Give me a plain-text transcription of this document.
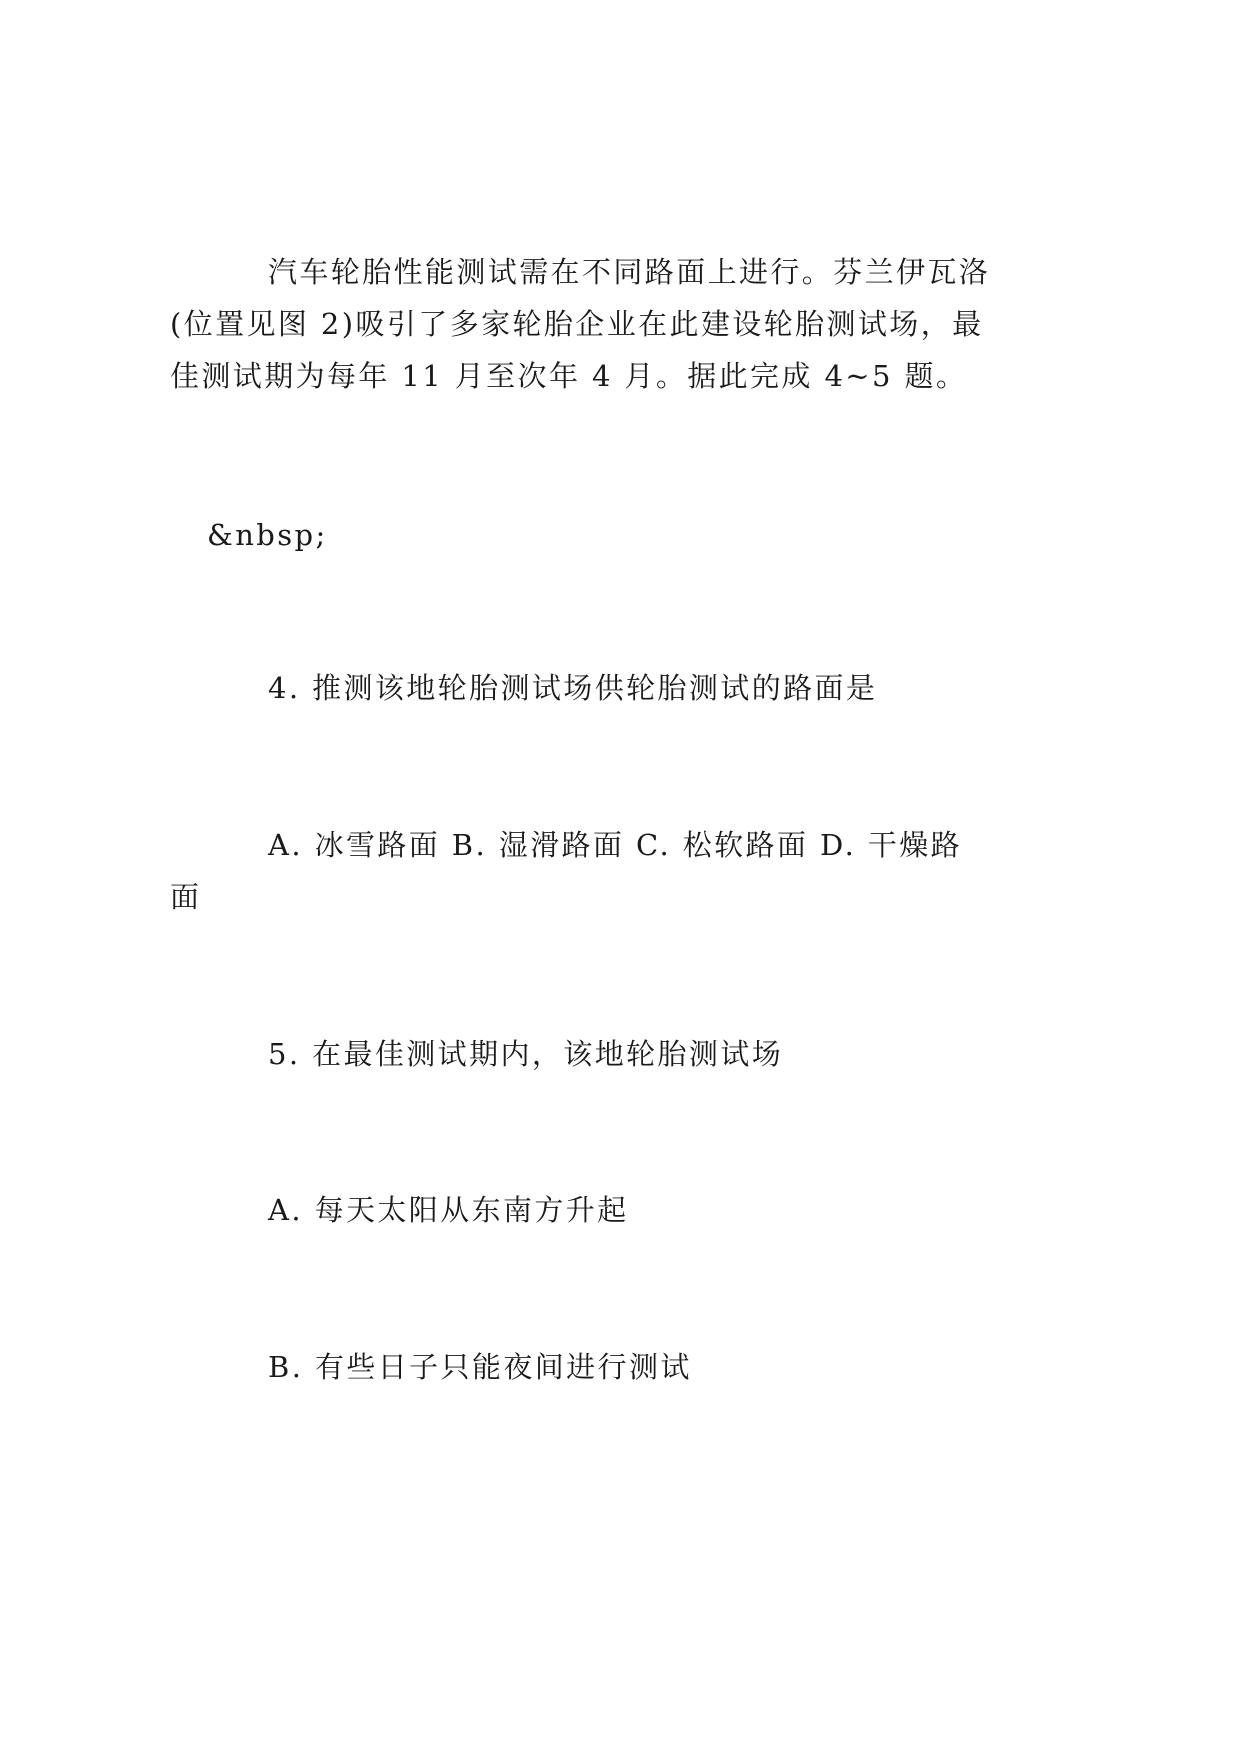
汽车轮胎性能测试需在不同路面上进行。芬兰伊瓦洛
(位置见图 2)吸引了多家轮胎企业在此建设轮胎测试场，最
佳测试期为每年 11 月至次年 4 月。据此完成 4~5 题。
&nbsp;
4. 推测该地轮胎测试场供轮胎测试的路面是
A. 冰雪路面 B. 湿滑路面 C. 松软路面 D. 干燥路
面
5. 在最佳测试期内，该地轮胎测试场
A. 每天太阳从东南方升起
B. 有些日子只能夜间进行测试
